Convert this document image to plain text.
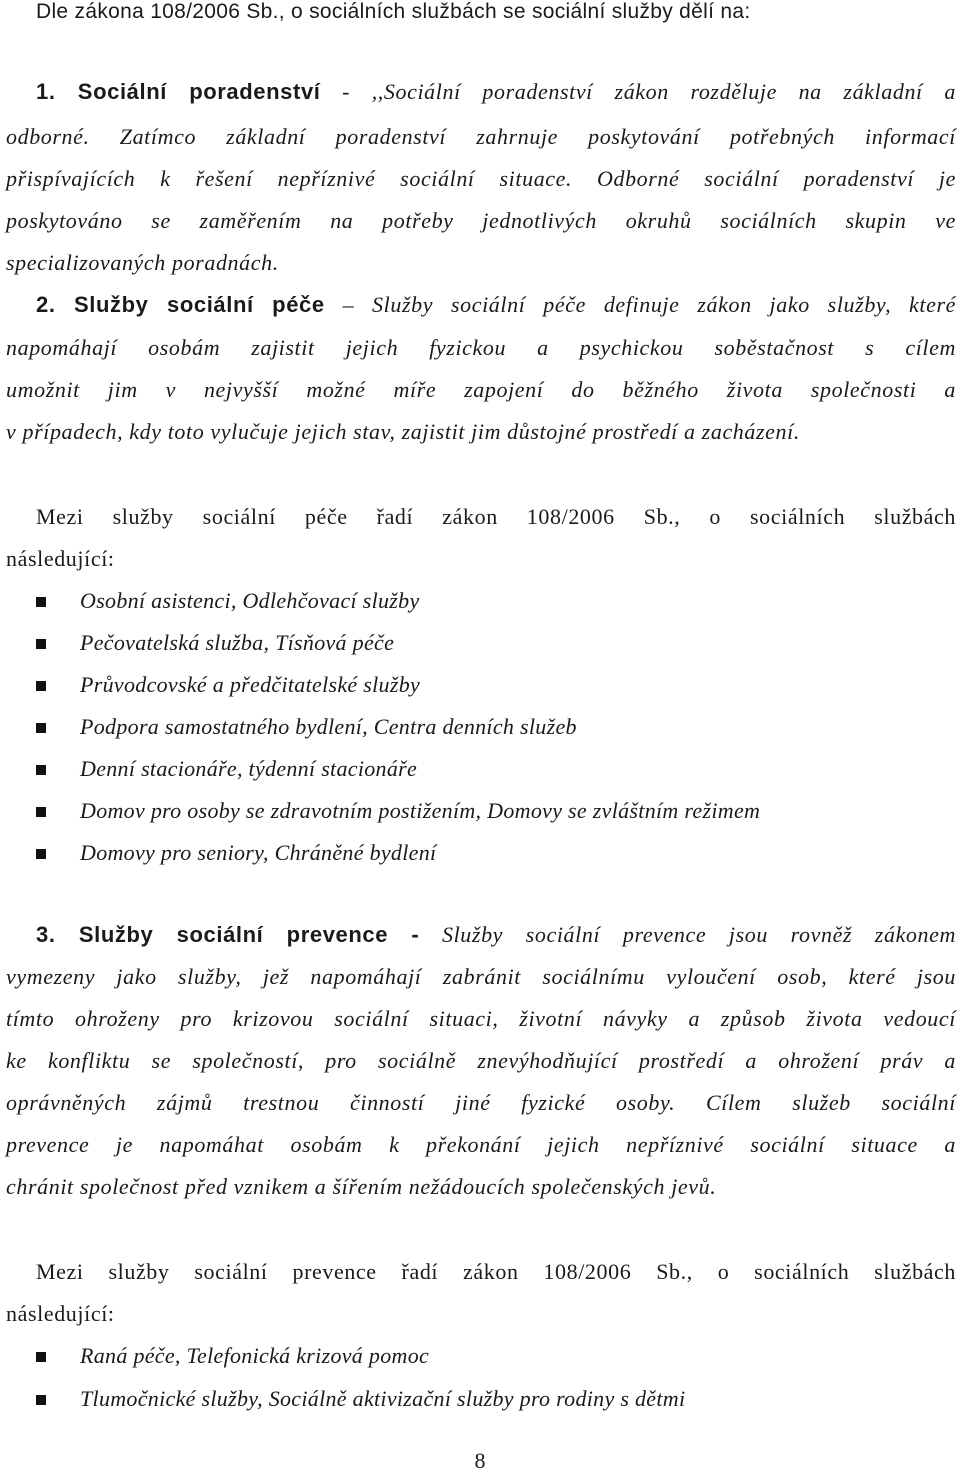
Dle zákona 108/2006 Sb., o sociálních službách se sociální služby dělí na:
1. Sociální poradenství - ,,Sociální poradenství zákon rozděluje na základní a
odborné. Zatímco základní poradenství zahrnuje poskytování potřebných informací
přispívajících k řešení nepříznivé sociální situace. Odborné sociální poradenství je
poskytováno se zaměřením na potřeby jednotlivých okruhů sociálních skupin ve
specializovaných poradnách.
2. Služby sociální péče – Služby sociální péče definuje zákon jako služby, které
napomáhají osobám zajistit jejich fyzickou a psychickou soběstačnost s cílem
umožnit jim v nejvyšší možné míře zapojení do běžného života společnosti a
v případech, kdy toto vylučuje jejich stav, zajistit jim důstojné prostředí a zacházení.
Mezi služby sociální péče řadí zákon 108/2006 Sb., o sociálních službách
následující:
Osobní asistenci, Odlehčovací služby
Pečovatelská služba, Tísňová péče
Průvodcovské a předčitatelské služby
Podpora samostatného bydlení, Centra denních služeb
Denní stacionáře, týdenní stacionáře
Domov pro osoby se zdravotním postižením, Domovy se zvláštním režimem
Domovy pro seniory, Chráněné bydlení
3. Služby sociální prevence - Služby sociální prevence jsou rovněž zákonem
vymezeny jako služby, jež napomáhají zabránit sociálnímu vyloučení osob, které jsou
tímto ohroženy pro krizovou sociální situaci, životní návyky a způsob života vedoucí
ke konfliktu se společností, pro sociálně znevýhodňující prostředí a ohrožení práv a
oprávněných zájmů trestnou činností jiné fyzické osoby. Cílem služeb sociální
prevence je napomáhat osobám k překonání jejich nepříznivé sociální situace a
chránit společnost před vznikem a šířením nežádoucích společenských jevů.
Mezi služby sociální prevence řadí zákon 108/2006 Sb., o sociálních službách
následující:
Raná péče, Telefonická krizová pomoc
Tlumočnické služby, Sociálně aktivizační služby pro rodiny s dětmi
8
